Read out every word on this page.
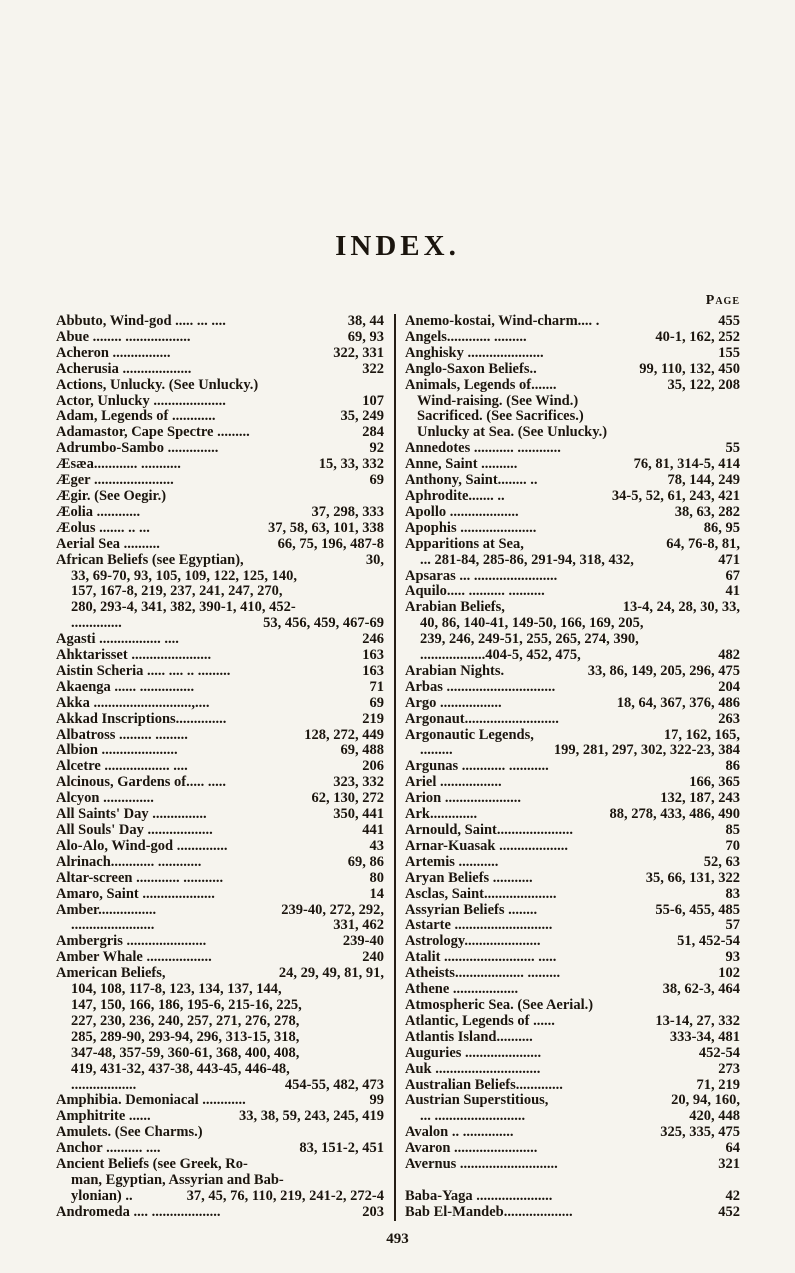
INDEX.
Page
Abbuto, Wind-god ..... ... ....	38, 44
Abue ........ ..................	69, 93
Acheron ................	322, 331
Acherusia ...................	322
Actions, Unlucky. (See Unlucky.)
Actor, Unlucky ....................	107
Adam, Legends of ............	35, 249
Adamastor, Cape Spectre .........	284
Adrumbo-Sambo ..............	92
Æsæa............ ...........	15, 33, 332
Æger ......................	69
Ægir. (See Oegir.)
Æolia ............	37, 298, 333
Æolus ....... .. ...	37, 58, 63, 101, 338
Aerial Sea ..........	66, 75, 196, 487-8
African Beliefs (see Egyptian),	30,
33, 69-70, 93, 105, 109, 122, 125, 140,
157, 167-8, 219, 237, 241, 247, 270,
280, 293-4, 341, 382, 390-1, 410, 452-
..............	53, 456, 459, 467-69
Agasti ................. ....	246
Ahktarisset ......................	163
Aistin Scheria ..... .... .. .........	163
Akaenga ...... ...............	71
Akka ...........................,....	69
Akkad Inscriptions..............	219
Albatross ......... .........	128, 272, 449
Albion .....................	69, 488
Alcetre .................. ....	206
Alcinous, Gardens of..... .....	323, 332
Alcyon ..............	62, 130, 272
All Saints' Day ...............	350, 441
All Souls' Day ..................	441
Alo-Alo, Wind-god ..............	43
Alrinach............ ............	69, 86
Altar-screen ............ ...........	80
Amaro, Saint ....................	14
Amber................	239-40, 272, 292,
.......................	331, 462
Ambergris ......................	239-40
Amber Whale ..................	240
American Beliefs,	24, 29, 49, 81, 91,
104, 108, 117-8, 123, 134, 137, 144,
147, 150, 166, 186, 195-6, 215-16, 225,
227, 230, 236, 240, 257, 271, 276, 278,
285, 289-90, 293-94, 296, 313-15, 318,
347-48, 357-59, 360-61, 368, 400, 408,
419, 431-32, 437-38, 443-45, 446-48,
..................	454-55, 482, 473
Amphibia. Demoniacal ............	99
Amphitrite ......	33, 38, 59, 243, 245, 419
Amulets. (See Charms.)
Anchor .......... ....	83, 151-2, 451
Ancient Beliefs (see Greek, Ro-
man, Egyptian, Assyrian and Bab-
ylonian) ..	37, 45, 76, 110, 219, 241-2, 272-4
Andromeda .... ...................	203
Anemo-kostai, Wind-charm.... .	455
Angels............ .........	40-1, 162, 252
Anghisky .....................	155
Anglo-Saxon Beliefs..	99, 110, 132, 450
Animals, Legends of.......	35, 122, 208
Wind-raising. (See Wind.)
Sacrificed. (See Sacrifices.)
Unlucky at Sea. (See Unlucky.)
Annedotes ........... ............	55
Anne, Saint ..........	76, 81, 314-5, 414
Anthony, Saint........ ..	78, 144, 249
Aphrodite....... ..	34-5, 52, 61, 243, 421
Apollo ...................	38, 63, 282
Apophis .....................	86, 95
Apparitions at Sea,	64, 76-8, 81,
... 281-84, 285-86, 291-94, 318, 432,	471
Apsaras ... .......................	67
Aquilo..... .......... ..........	41
Arabian Beliefs,	13-4, 24, 28, 30, 33,
40, 86, 140-41, 149-50, 166, 169, 205,
239, 246, 249-51, 255, 265, 274, 390,
..................404-5, 452, 475,	482
Arabian Nights.	33, 86, 149, 205, 296, 475
Arbas ..............................	204
Argo .................	18, 64, 367, 376, 486
Argonaut..........................	263
Argonautic Legends,	17, 162, 165,
.........	199, 281, 297, 302, 322-23, 384
Argunas ............ ...........	86
Ariel .................	166, 365
Arion .....................	132, 187, 243
Ark.............	88, 278, 433, 486, 490
Arnould, Saint.....................	85
Arnar-Kuasak ...................	70
Artemis ...........	52, 63
Aryan Beliefs ...........	35, 66, 131, 322
Asclas, Saint....................	83
Assyrian Beliefs ........	55-6, 455, 485
Astarte ...........................	57
Astrology.....................	51, 452-54
Atalit ......................... .....	93
Atheists................... .........	102
Athene ..................	38, 62-3, 464
Atmospheric Sea. (See Aerial.)
Atlantic, Legends of ......	13-14, 27, 332
Atlantis Island..........	333-34, 481
Auguries .....................	452-54
Auk .............................	273
Australian Beliefs.............	71, 219
Austrian Superstitious,	20, 94, 160,
... .........................	420, 448
Avalon .. ..............	325, 335, 475
Avaron .......................	64
Avernus ...........................	321

Baba-Yaga .....................	42
Bab El-Mandeb...................	452
493
